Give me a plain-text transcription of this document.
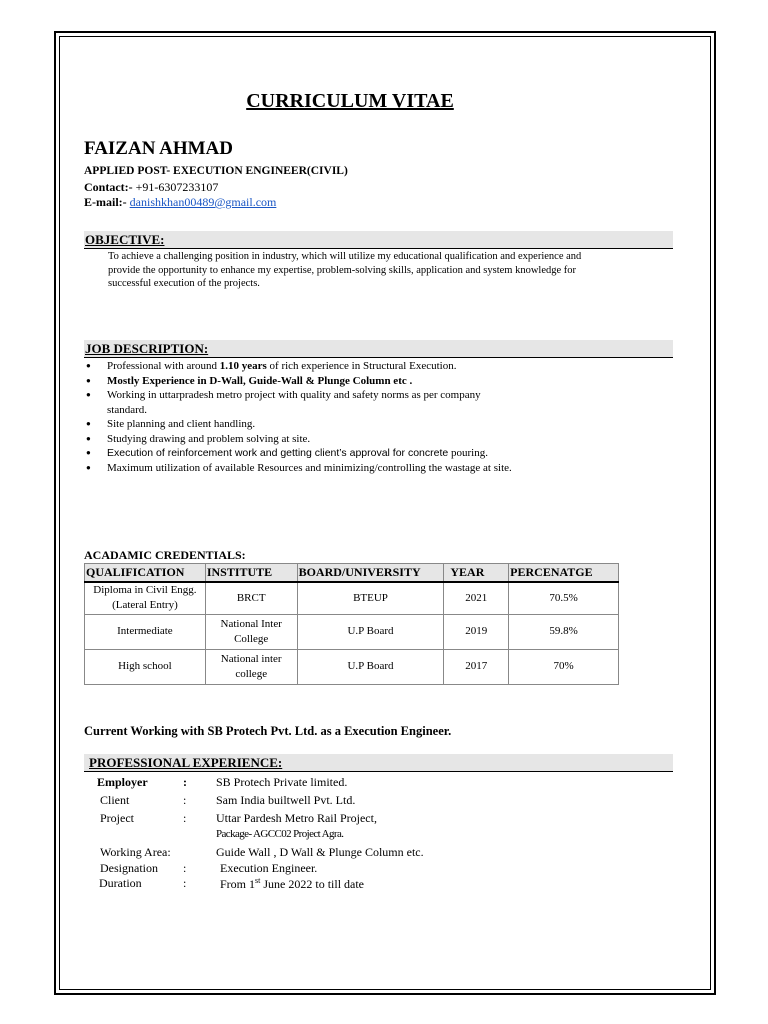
CURRICULUM VITAE
FAIZAN AHMAD
APPLIED POST- EXECUTION ENGINEER(CIVIL)
Contact:- +91-6307233107
E-mail:- danishkhan00489@gmail.com
OBJECTIVE:
To achieve a challenging position in industry, which will utilize my educational qualification and experience and provide the opportunity to enhance my expertise, problem-solving skills, application and system knowledge for successful execution of the projects.
JOB DESCRIPTION:
● Professional with around 1.10 years of rich experience in Structural Execution.
● Mostly Experience in D-Wall, Guide-Wall & Plunge Column etc .
● Working in uttarpradesh metro project with quality and safety norms as per company standard.
● Site planning and client handling.
● Studying drawing and problem solving at site.
● Execution of reinforcement work and getting client’s approval for concrete pouring.
● Maximum utilization of available Resources and minimizing/controlling the wastage at site.
ACADAMIC CREDENTIALS:
QUALIFICATION	INSTITUTE	BOARD/UNIVERSITY	YEAR	PERCENATGE
Diploma in Civil Engg.(Lateral Entry)	BRCT	BTEUP	2021	70.5%
Intermediate	National Inter College	U.P Board	2019	59.8%
High school	National inter college	U.P Board	2017	70%
Current Working with SB Protech Pvt. Ltd. as a Execution Engineer.
PROFESSIONAL EXPERIENCE:
Employer	: SB Protech Private limited.
Client	: Sam India builtwell Pvt. Ltd.
Project	: Uttar Pardesh Metro Rail Project,
Package- AGCC02 Project Agra.
Working Area:	Guide Wall , D Wall & Plunge Column etc.
Designation :	Execution Engineer.
Duration	:	From 1st June 2022 to till date
